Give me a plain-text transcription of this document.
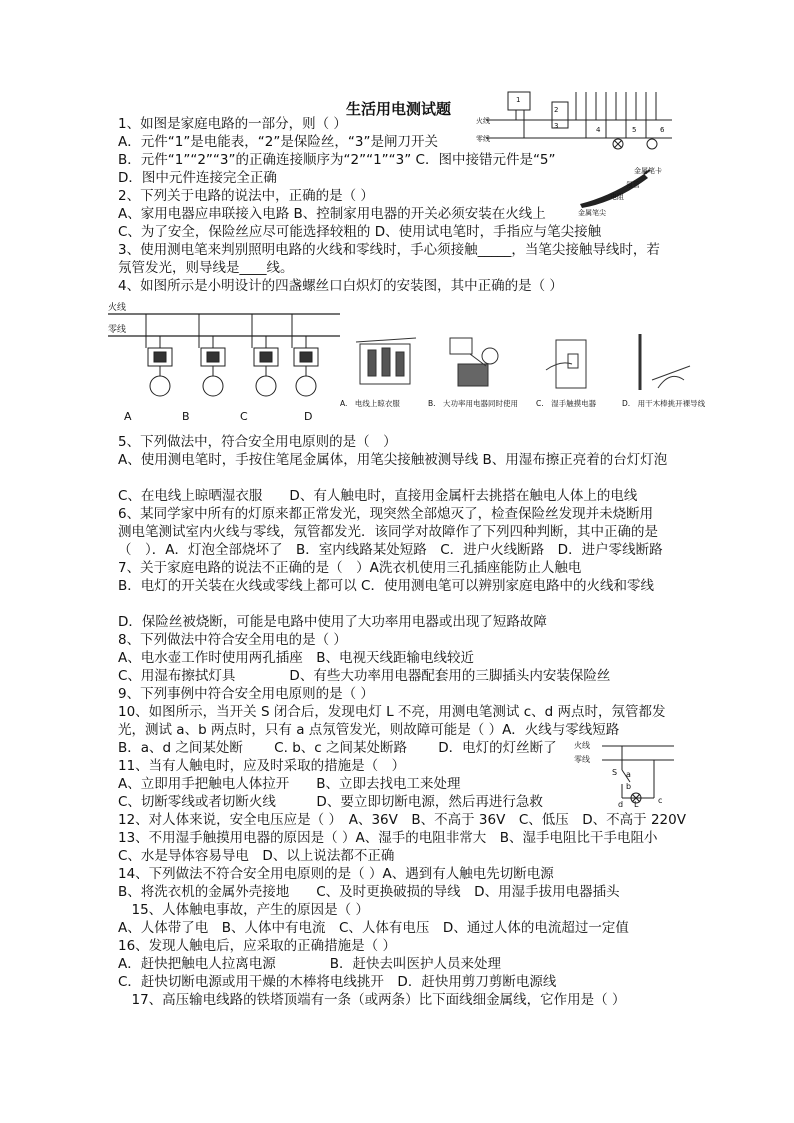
生活用电测试题
1、如图是家庭电路的一部分，则（ ）
A．元件“1”是电能表，“2”是保险丝，“3”是闸刀开关
B．元件“1”“2”“3”的正确连接顺序为“2”“1”“3” C．图中接错元件是“5”
D．图中元件连接完全正确
2、下列关于电路的说法中，正确的是（ ）
A、家用电器应串联接入电路 B、控制家用电器的开关必须安装在火线上
C、为了安全，保险丝应尽可能选择较粗的 D、使用试电笔时，手指应与笔尖接触
3、使用测电笔来判别照明电路的火线和零线时，手心须接触_____，当笔尖接触导线时，若
氖管发光，则导线是____线。
4、如图所示是小明设计的四盏螺丝口白炽灯的安装图，其中正确的是（ ）
5、下列做法中，符合安全用电原则的是（　）
A、使用测电笔时，手按住笔尾金属体，用笔尖接触被测导线 B、用湿布擦正亮着的台灯灯泡
C、在电线上晾晒湿衣服　　D、有人触电时，直接用金属杆去挑搭在触电人体上的电线
6、某同学家中所有的灯原来都正常发光，现突然全部熄灭了，检查保险丝发现并未烧断用
测电笔测试室内火线与零线，氖管都发光．该同学对故障作了下列四种判断，其中正确的是
（　）．A．灯泡全部烧坏了　B．室内线路某处短路　C．进户火线断路　D．进户零线断路
7、关于家庭电路的说法不正确的是（　）A洗衣机使用三孔插座能防止人触电
B．电灯的开关装在火线或零线上都可以 C．使用测电笔可以辨别家庭电路中的火线和零线
D．保险丝被烧断，可能是电路中使用了大功率用电器或出现了短路故障
8、下列做法中符合安全用电的是（ ）
A、电水壶工作时使用两孔插座　B、电视天线距输电线较近
C、用湿布擦拭灯具　　　　D、有些大功率用电器配套用的三脚插头内安装保险丝
9、下列事例中符合安全用电原则的是（ ）
10、如图所示，当开关 S 闭合后，发现电灯 L 不亮，用测电笔测试 c、d 两点时，氖管都发
光，测试 a、b 两点时，只有 a 点氖管发光，则故障可能是（ ）A．火线与零线短路
B．a、d 之间某处断　　 C. b、c 之间某处断路　　 D．电灯的灯丝断了
11、当有人触电时，应及时采取的措施是（　）
A、立即用手把触电人体拉开　　B、立即去找电工来处理
C、切断零线或者切断火线　　　D、要立即切断电源，然后再进行急救
12、对人体来说，安全电压应是（ ）　A、36V　B、不高于 36V　C、低压　D、不高于 220V
13、不用湿手触摸用电器的原因是（ ）A、湿手的电阻非常大　B、湿手电阻比干手电阻小
C、水是导体容易导电　D、以上说法都不正确
14、下列做法不符合安全用电原则的是（ ）A、遇到有人触电先切断电源
B、将洗衣机的金属外壳接地　　C、及时更换破损的导线　D、用湿手拔用电器插头
　15、人体触电事故，产生的原因是（ ）
A、人体带了电　B、人体中有电流　C、人体有电压　D、通过人体的电流超过一定值
16、发现人触电后，应采取的正确措施是（ ）
A．赶快把触电人拉离电源　　　　B．赶快去叫医护人员来处理
C．赶快切断电源或用干燥的木棒将电线挑开　D．赶快用剪刀剪断电源线
　17、高压输电线路的铁塔顶端有一条（或两条）比下面线细金属线，它作用是（ ）
火线
零线
1
2
3	4	5	6
金属笔卡
氖管
电阻
金属笔尖
火线
零线
A	B	C	D
A.　电线上晾衣服	B.　大功率用电器同时使用 C.　湿手触摸电器	D.　用干木棒挑开裸导线
火线
零线
S a
b
c
d L
